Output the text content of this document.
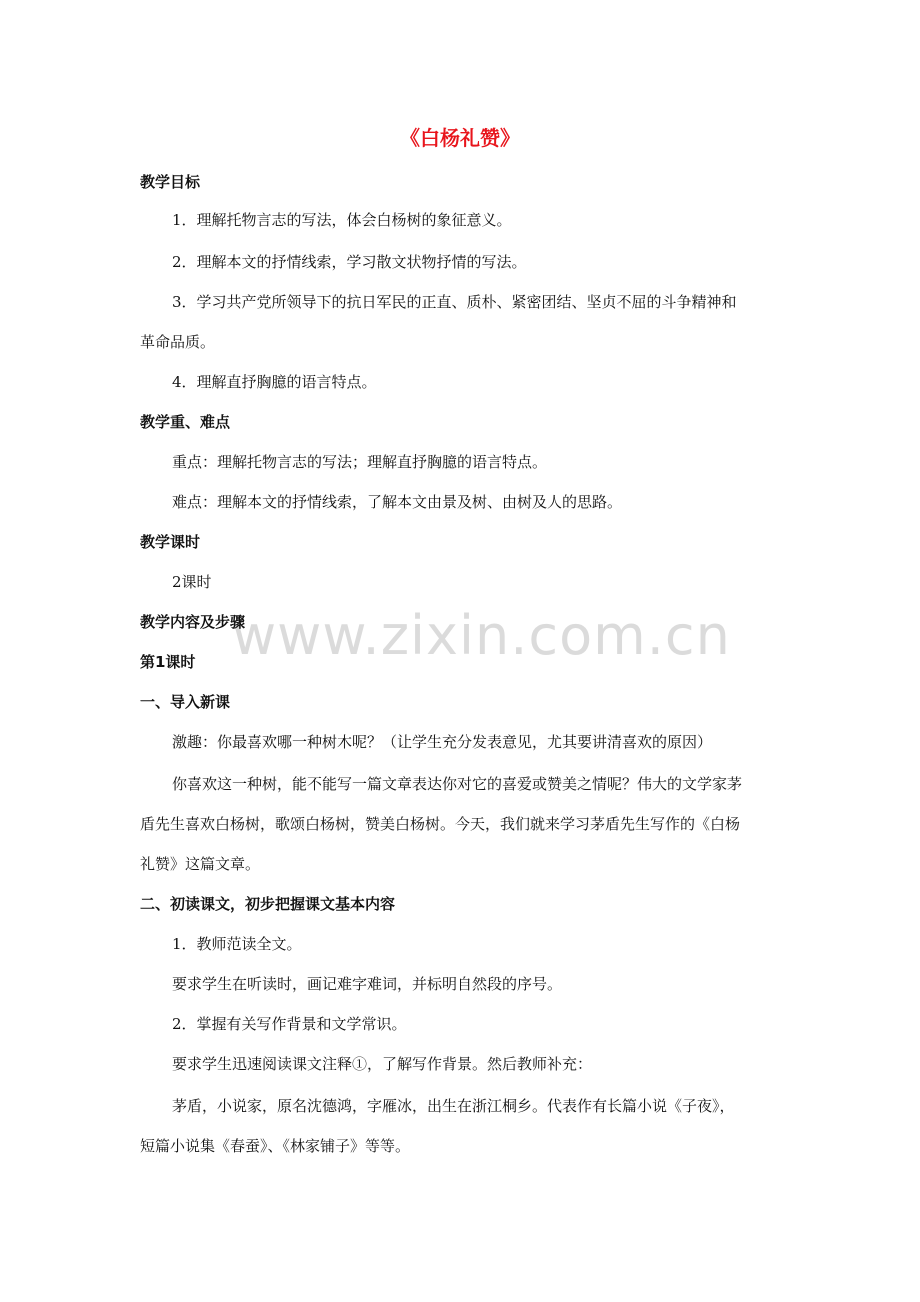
www.zixin.com.cn
《白杨礼赞》
教学目标
1．理解托物言志的写法，体会白杨树的象征意义。
2．理解本文的抒情线索，学习散文状物抒情的写法。
3．学习共产党所领导下的抗日军民的正直、质朴、紧密团结、坚贞不屈的斗争精神和
革命品质。
4．理解直抒胸臆的语言特点。
教学重、难点
重点：理解托物言志的写法；理解直抒胸臆的语言特点。
难点：理解本文的抒情线索，了解本文由景及树、由树及人的思路。
教学课时
2课时
教学内容及步骤
第1课时
一、导入新课
激趣：你最喜欢哪一种树木呢？（让学生充分发表意见，尤其要讲清喜欢的原因）
你喜欢这一种树，能不能写一篇文章表达你对它的喜爱或赞美之情呢？伟大的文学家茅
盾先生喜欢白杨树，歌颂白杨树，赞美白杨树。今天，我们就来学习茅盾先生写作的《白杨
礼赞》这篇文章。
二、初读课文，初步把握课文基本内容
1．教师范读全文。
要求学生在听读时，画记难字难词，并标明自然段的序号。
2．掌握有关写作背景和文学常识。
要求学生迅速阅读课文注释①，了解写作背景。然后教师补充：
茅盾，小说家，原名沈德鸿，字雁冰，出生在浙江桐乡。代表作有长篇小说《子夜》，
短篇小说集《春蚕》、《林家铺子》等等。
